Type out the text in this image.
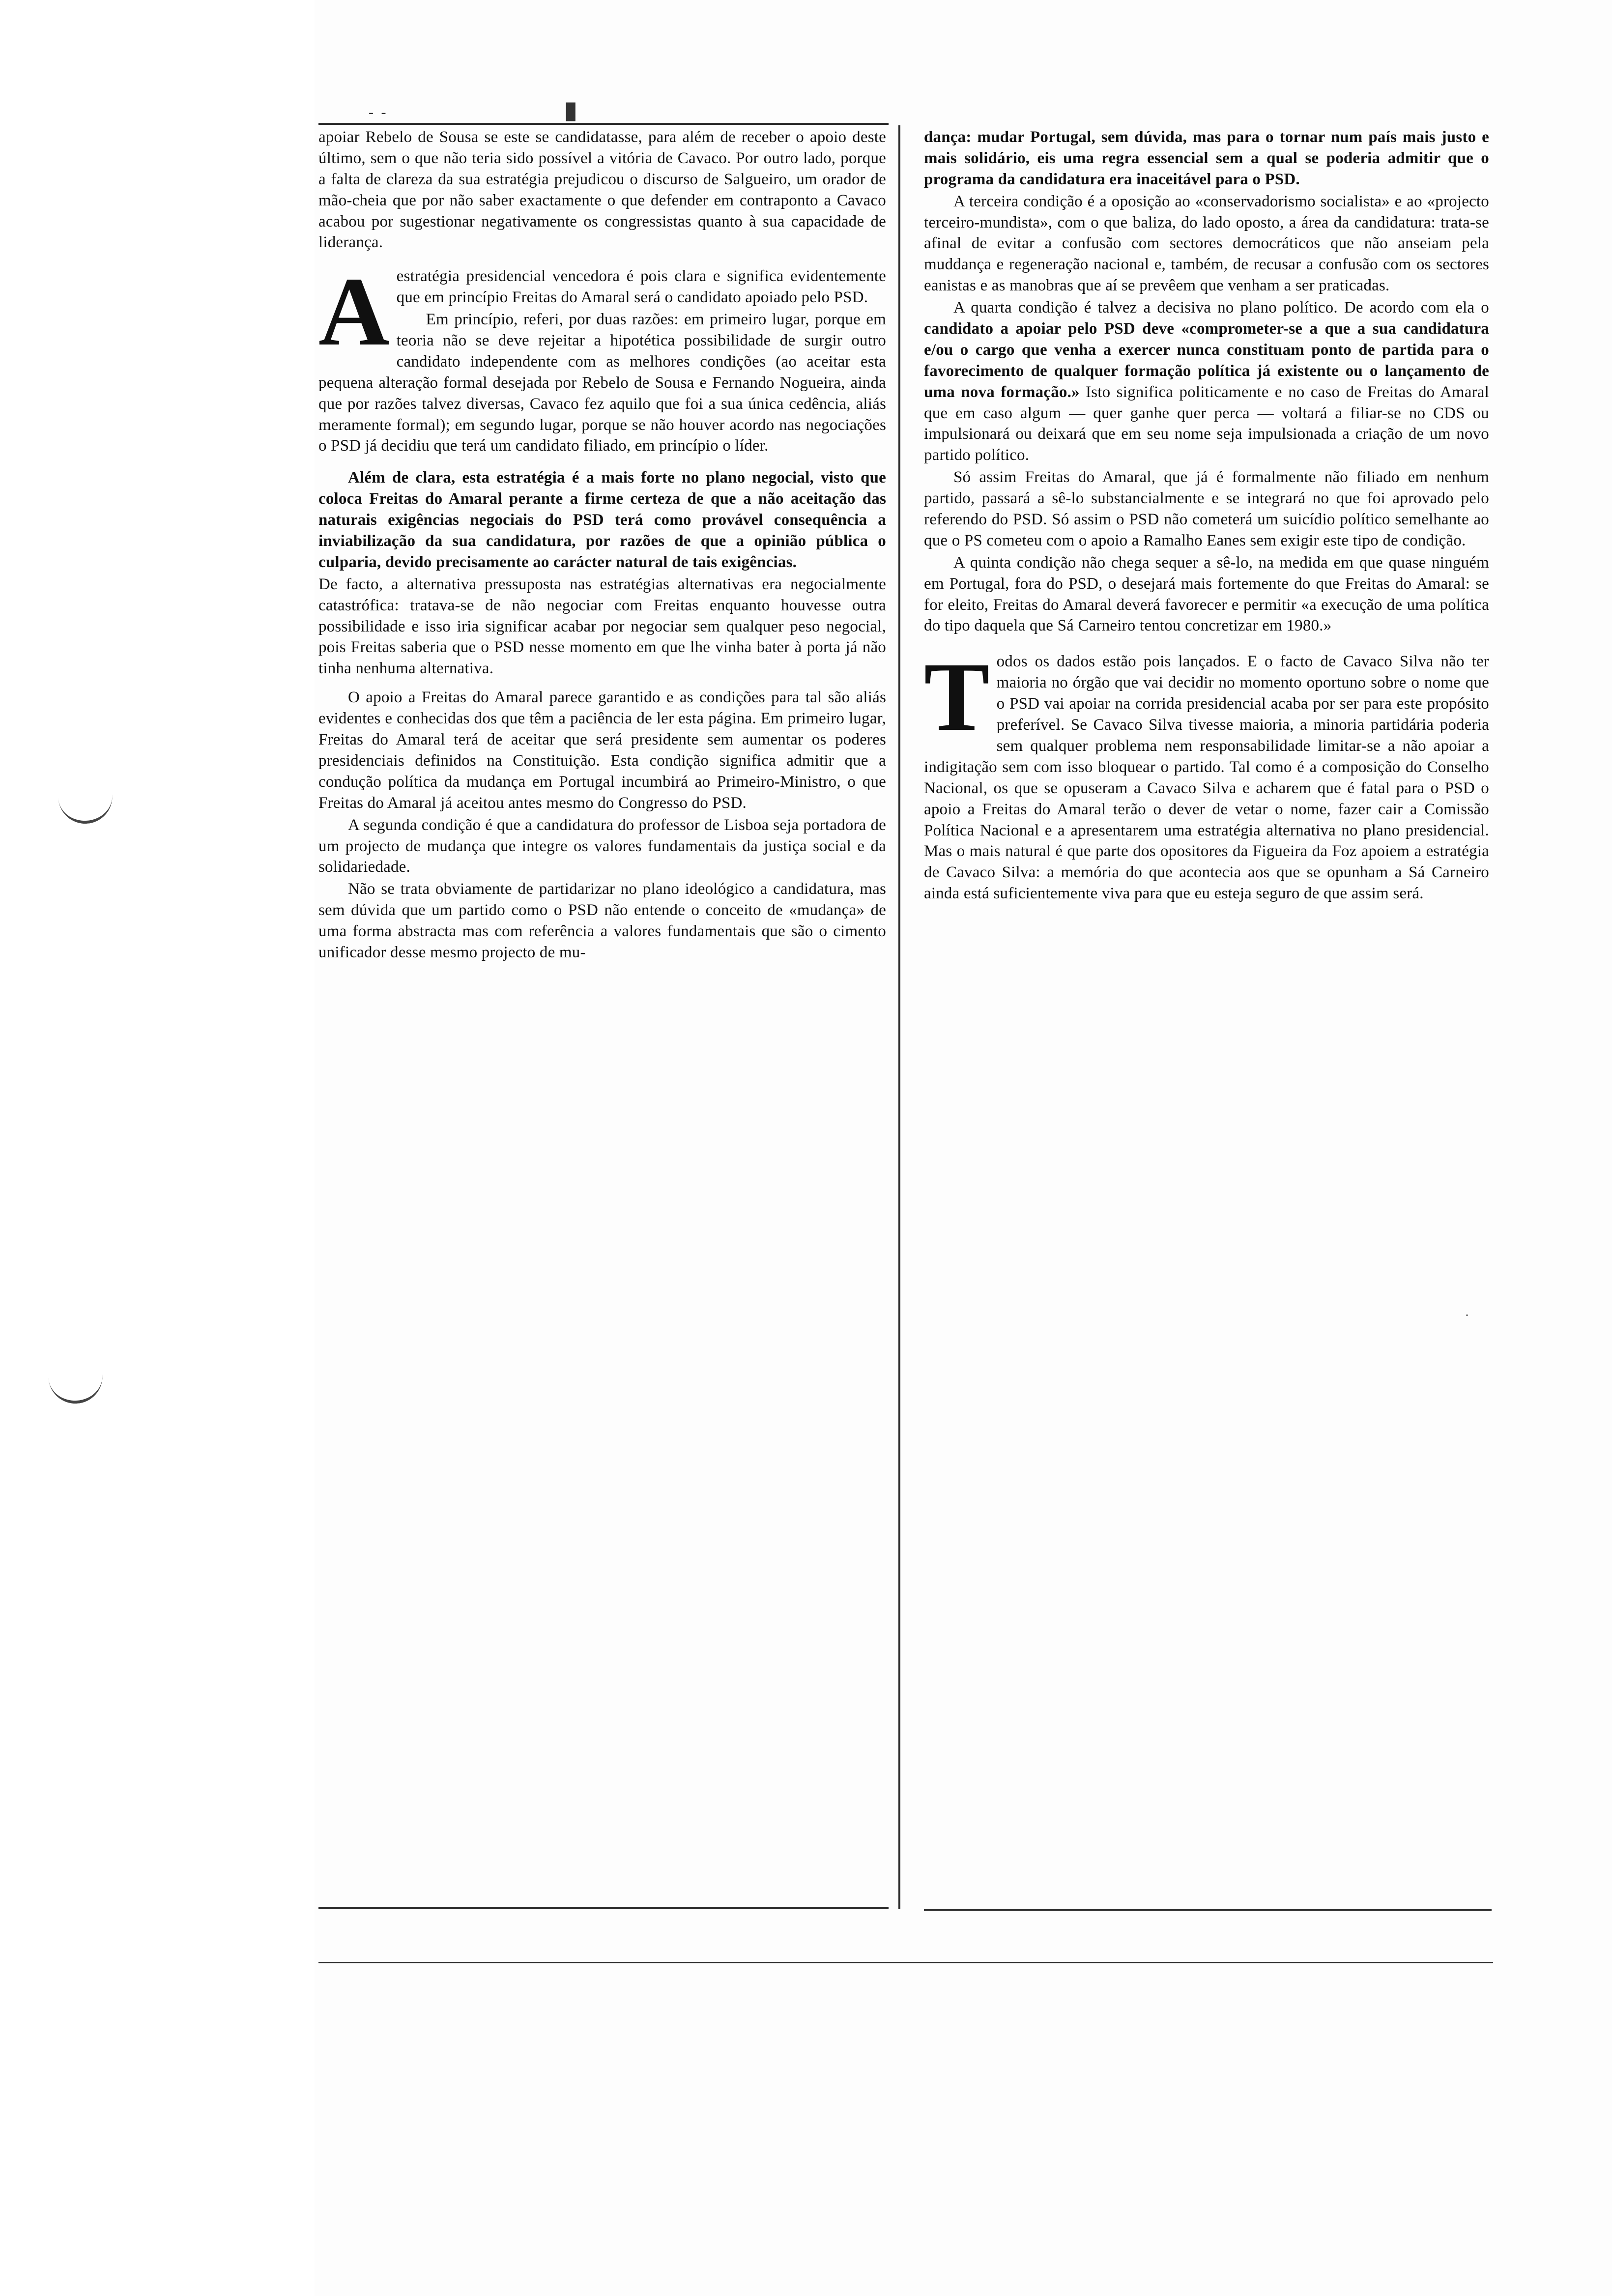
▮
- -
·

apoiar Rebelo de Sousa se este se candidatasse, para além de receber o apoio deste último, sem o que não teria sido possível a vitória de Cavaco. Por outro lado, porque a falta de clareza da sua estratégia prejudicou o discurso de Salgueiro, um orador de mão-cheia que por não saber exactamente o que defender em contraponto a Cavaco acabou por sugestionar negativamente os congressistas quanto à sua capacidade de liderança.

A estratégia presidencial vencedora é pois clara e significa evidentemente que em princípio Freitas do Amaral será o candidato apoiado pelo PSD.

Em princípio, referi, por duas razões: em primeiro lugar, porque em teoria não se deve rejeitar a hipotética possibilidade de surgir outro candidato independente com as melhores condições (ao aceitar esta pequena alteração formal desejada por Rebelo de Sousa e Fernando Nogueira, ainda que por razões talvez diversas, Cavaco fez aquilo que foi a sua única cedência, aliás meramente formal); em segundo lugar, porque se não houver acordo nas negociações o PSD já decidiu que terá um candidato filiado, em princípio o líder.

Além de clara, esta estratégia é a mais forte no plano negocial, visto que coloca Freitas do Amaral perante a firme certeza de que a não aceitação das naturais exigências negociais do PSD terá como provável consequência a inviabilização da sua candidatura, por razões de que a opinião pública o culparia, devido precisamente ao carácter natural de tais exigências.

De facto, a alternativa pressuposta nas estratégias alternativas era negocialmente catastrófica: tratava-se de não negociar com Freitas enquanto houvesse outra possibilidade e isso iria significar acabar por negociar sem qualquer peso negocial, pois Freitas saberia que o PSD nesse momento em que lhe vinha bater à porta já não tinha nenhuma alternativa.

O apoio a Freitas do Amaral parece garantido e as condições para tal são aliás evidentes e conhecidas dos que têm a paciência de ler esta página. Em primeiro lugar, Freitas do Amaral terá de aceitar que será presidente sem aumentar os poderes presidenciais definidos na Constituição. Esta condição significa admitir que a condução política da mudança em Portugal incumbirá ao Primeiro-Ministro, o que Freitas do Amaral já aceitou antes mesmo do Congresso do PSD.

A segunda condição é que a candidatura do professor de Lisboa seja portadora de um projecto de mudança que integre os valores fundamentais da justiça social e da solidariedade.

Não se trata obviamente de partidarizar no plano ideológico a candidatura, mas sem dúvida que um partido como o PSD não entende o conceito de «mudança» de uma forma abstracta mas com referência a valores fundamentais que são o cimento unificador desse mesmo projecto de mu-

dança: mudar Portugal, sem dúvida, mas para o tornar num país mais justo e mais solidário, eis uma regra essencial sem a qual se poderia admitir que o programa da candidatura era inaceitável para o PSD.

A terceira condição é a oposição ao «conservadorismo socialista» e ao «projecto terceiro-mundista», com o que baliza, do lado oposto, a área da candidatura: trata-se afinal de evitar a confusão com sectores democráticos que não anseiam pela muddança e regeneração nacional e, também, de recusar a confusão com os sectores eanistas e as manobras que aí se prevêem que venham a ser praticadas.

A quarta condição é talvez a decisiva no plano político. De acordo com ela o candidato a apoiar pelo PSD deve «comprometer-se a que a sua candidatura e/ou o cargo que venha a exercer nunca constituam ponto de partida para o favorecimento de qualquer formação política já existente ou o lançamento de uma nova formação.» Isto significa politicamente e no caso de Freitas do Amaral que em caso algum — quer ganhe quer perca — voltará a filiar-se no CDS ou impulsionará ou deixará que em seu nome seja impulsionada a criação de um novo partido político.

Só assim Freitas do Amaral, que já é formalmente não filiado em nenhum partido, passará a sê-lo substancialmente e se integrará no que foi aprovado pelo referendo do PSD. Só assim o PSD não cometerá um suicídio político semelhante ao que o PS cometeu com o apoio a Ramalho Eanes sem exigir este tipo de condição.

A quinta condição não chega sequer a sê-lo, na medida em que quase ninguém em Portugal, fora do PSD, o desejará mais fortemente do que Freitas do Amaral: se for eleito, Freitas do Amaral deverá favorecer e permitir «a execução de uma política do tipo daquela que Sá Carneiro tentou concretizar em 1980.»

T odos os dados estão pois lançados. E o facto de Cavaco Silva não ter maioria no órgão que vai decidir no momento oportuno sobre o nome que o PSD vai apoiar na corrida presidencial acaba por ser para este propósito preferível. Se Cavaco Silva tivesse maioria, a minoria partidária poderia sem qualquer problema nem responsabilidade limitar-se a não apoiar a indigitação sem com isso bloquear o partido. Tal como é a composição do Conselho Nacional, os que se opuseram a Cavaco Silva e acharem que é fatal para o PSD o apoio a Freitas do Amaral terão o dever de vetar o nome, fazer cair a Comissão Política Nacional e a apresentarem uma estratégia alternativa no plano presidencial. Mas o mais natural é que parte dos opositores da Figueira da Foz apoiem a estratégia de Cavaco Silva: a memória do que acontecia aos que se opunham a Sá Carneiro ainda está suficientemente viva para que eu esteja seguro de que assim será.
